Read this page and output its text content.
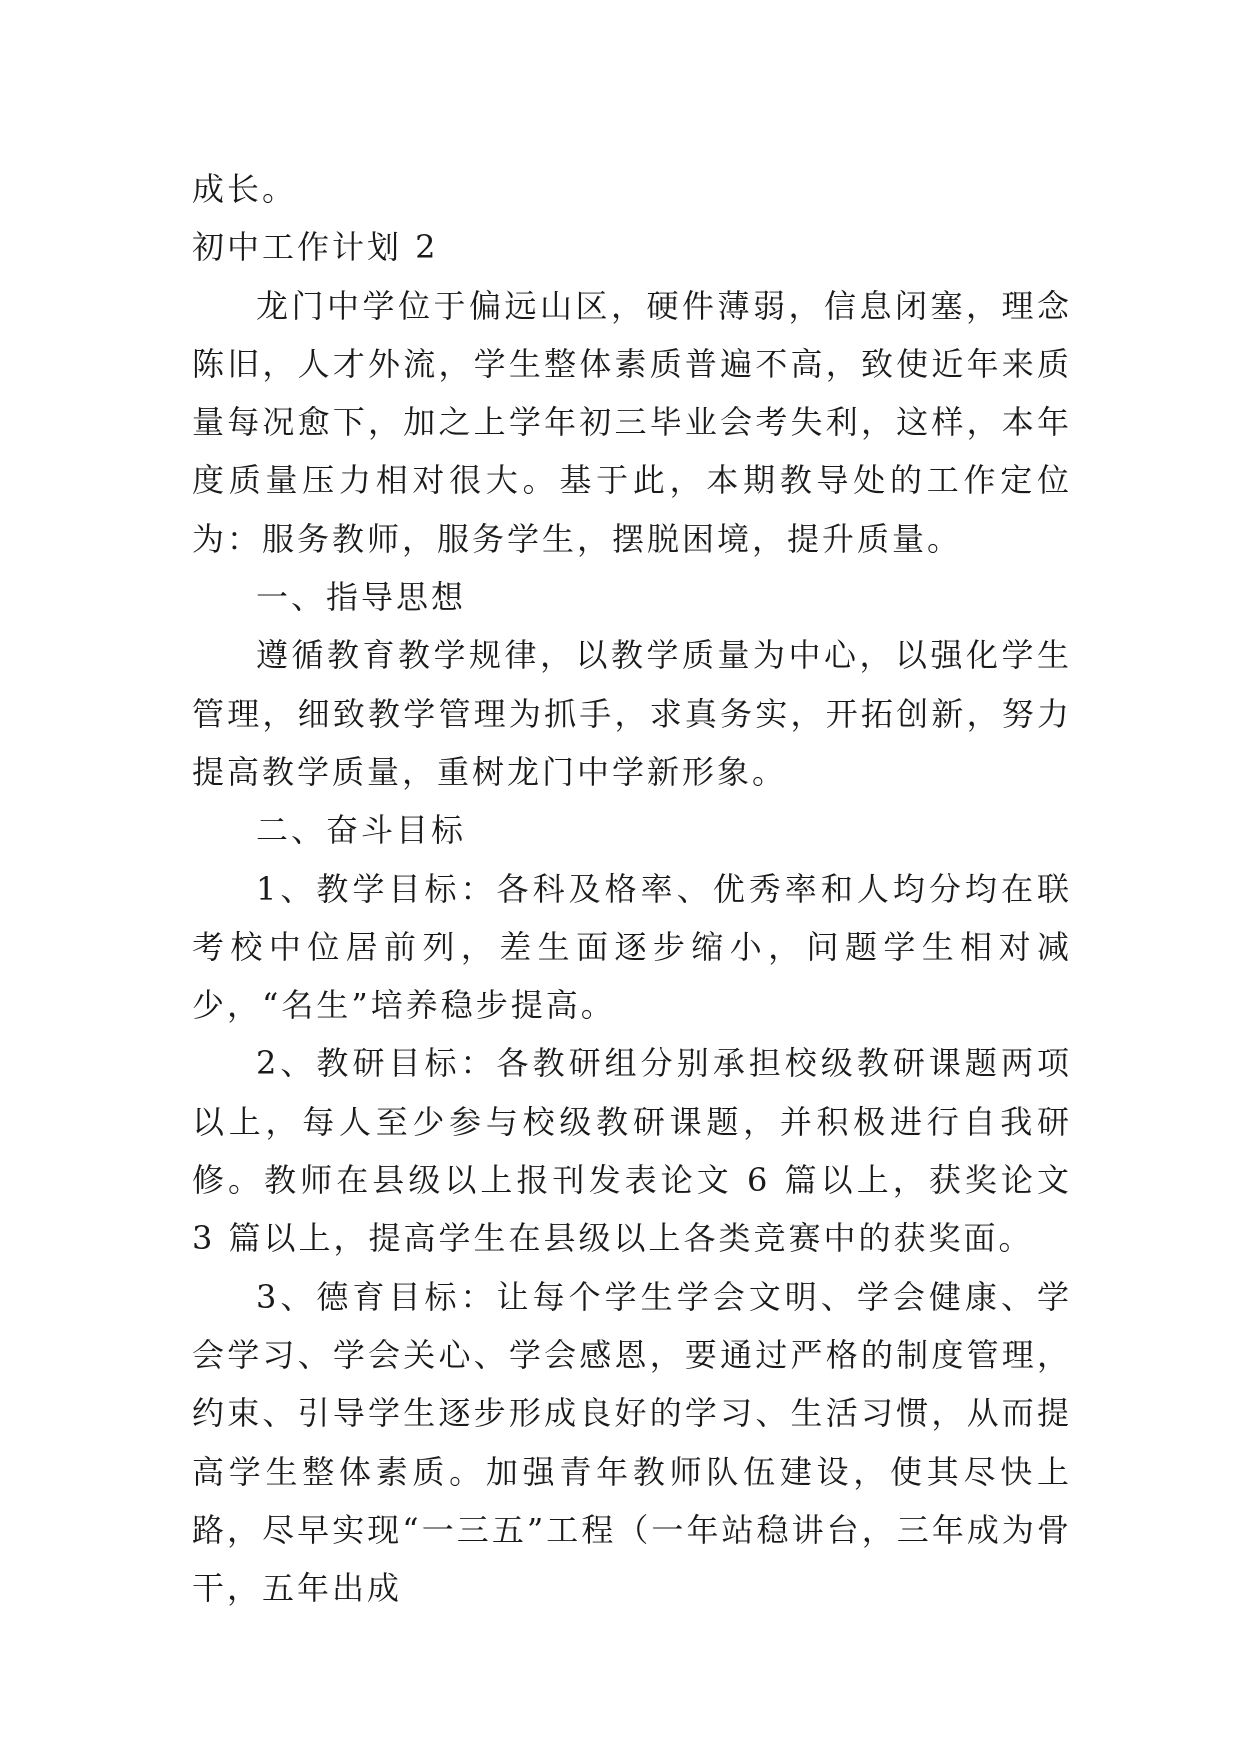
成长。

初中工作计划 2

龙门中学位于偏远山区，硬件薄弱，信息闭塞，理念陈旧，人才外流，学生整体素质普遍不高，致使近年来质量每况愈下，加之上学年初三毕业会考失利，这样，本年度质量压力相对很大。基于此，本期教导处的工作定位为：服务教师，服务学生，摆脱困境，提升质量。

一、指导思想

遵循教育教学规律，以教学质量为中心，以强化学生管理，细致教学管理为抓手，求真务实，开拓创新，努力提高教学质量，重树龙门中学新形象。

二、奋斗目标

1、教学目标：各科及格率、优秀率和人均分均在联考校中位居前列，差生面逐步缩小，问题学生相对减少，“名生”培养稳步提高。

2、教研目标：各教研组分别承担校级教研课题两项以上，每人至少参与校级教研课题，并积极进行自我研修。教师在县级以上报刊发表论文 6 篇以上，获奖论文 3 篇以上，提高学生在县级以上各类竞赛中的获奖面。

3、德育目标：让每个学生学会文明、学会健康、学会学习、学会关心、学会感恩，要通过严格的制度管理，约束、引导学生逐步形成良好的学习、生活习惯，从而提高学生整体素质。加强青年教师队伍建设，使其尽快上路，尽早实现“一三五”工程（一年站稳讲台，三年成为骨干，五年出成
